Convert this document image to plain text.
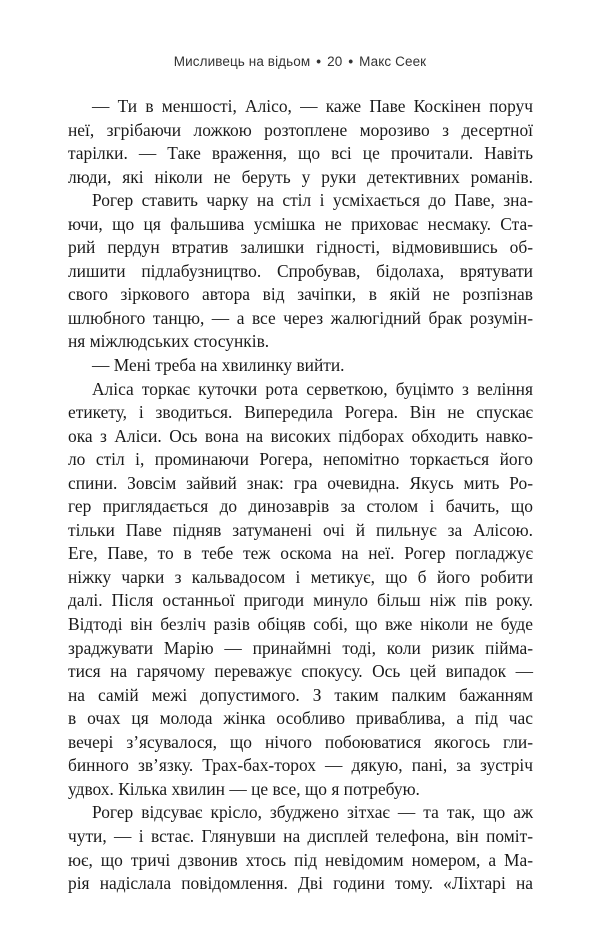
Мисливець на відьом • 20 • Макс Сеек
— Ти в меншості, Алісо, — каже Паве Коскінен поруч
неї, згрібаючи ложкою розтоплене морозиво з десертної
тарілки. — Таке враження, що всі це прочитали. Навіть
люди, які ніколи не беруть у руки детективних романів.
Рогер ставить чарку на стіл і усміхається до Паве, зна-
ючи, що ця фальшива усмішка не приховає несмаку. Ста-
рий пердун втратив залишки гідності, відмовившись об-
лишити підлабузництво. Спробував, бідолаха, врятувати
свого зіркового автора від зачіпки, в якій не розпізнав
шлюбного танцю, — а все через жалюгідний брак розумін-
ня міжлюдських стосунків.
— Мені треба на хвилинку вийти.
Аліса торкає куточки рота серветкою, буцімто з веління
етикету, і зводиться. Випередила Рогера. Він не спускає
ока з Аліси. Ось вона на високих підборах обходить навко-
ло стіл і, проминаючи Рогера, непомітно торкається його
спини. Зовсім зайвий знак: гра очевидна. Якусь мить Ро-
гер приглядається до динозаврів за столом і бачить, що
тільки Паве підняв затуманені очі й пильнує за Алісою.
Еге, Паве, то в тебе теж оскома на неї. Рогер погладжує
ніжку чарки з кальвадосом і метикує, що б його робити
далі. Після останньої пригоди минуло більш ніж пів року.
Відтоді він безліч разів обіцяв собі, що вже ніколи не буде
зраджувати Марію — принаймні тоді, коли ризик пійма-
тися на гарячому переважує спокусу. Ось цей випадок —
на самій межі допустимого. З таким палким бажанням
в очах ця молода жінка особливо приваблива, а під час
вечері з’ясувалося, що нічого побоюватися якогось гли-
бинного зв’язку. Трах-бах-торох — дякую, пані, за зустріч
удвох. Кілька хвилин — це все, що я потребую.
Рогер відсуває крісло, збуджено зітхає — та так, що аж
чути, — і встає. Глянувши на дисплей телефона, він поміт-
ює, що тричі дзвонив хтось під невідомим номером, а Ма-
рія надіслала повідомлення. Дві години тому. «Ліхтарі на
